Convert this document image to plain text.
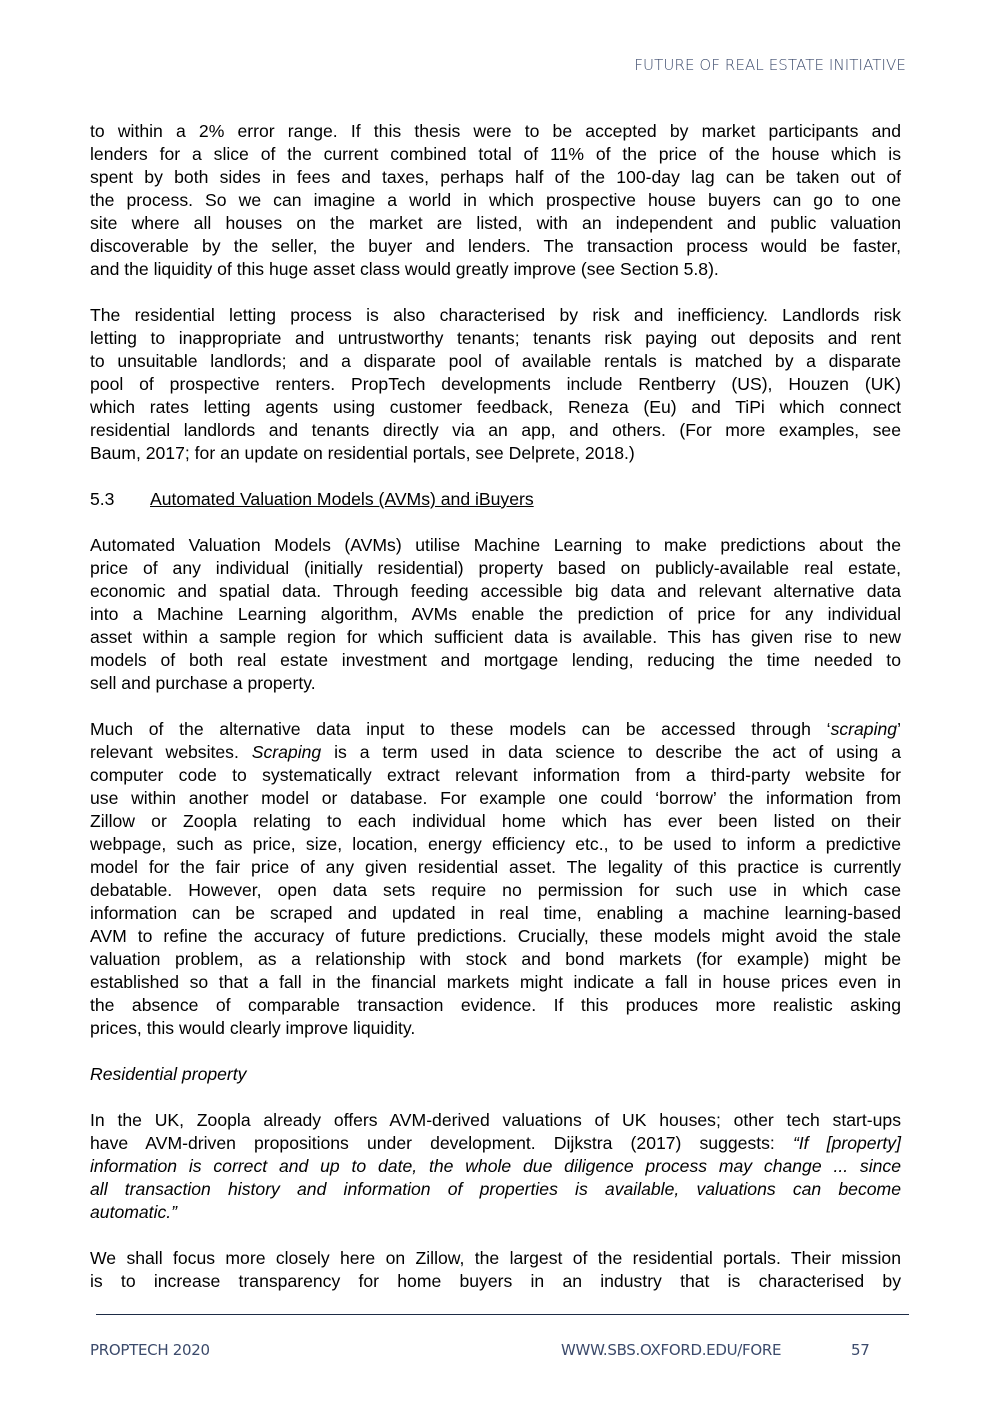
FUTURE OF REAL ESTATE INITIATIVE
to within a 2% error range. If this thesis were to be accepted by market participants and
lenders for a slice of the current combined total of 11% of the price of the house which is
spent by both sides in fees and taxes, perhaps half of the 100-day lag can be taken out of
the process. So we can imagine a world in which prospective house buyers can go to one
site where all houses on the market are listed, with an independent and public valuation
discoverable by the seller, the buyer and lenders. The transaction process would be faster,
and the liquidity of this huge asset class would greatly improve (see Section 5.8).
The residential letting process is also characterised by risk and inefficiency. Landlords risk
letting to inappropriate and untrustworthy tenants; tenants risk paying out deposits and rent
to unsuitable landlords; and a disparate pool of available rentals is matched by a disparate
pool of prospective renters. PropTech developments include Rentberry (US), Houzen (UK)
which rates letting agents using customer feedback, Reneza (Eu) and TiPi which connect
residential landlords and tenants directly via an app, and others. (For more examples, see
Baum, 2017; for an update on residential portals, see Delprete, 2018.)
5.3 Automated Valuation Models (AVMs) and iBuyers
Automated Valuation Models (AVMs) utilise Machine Learning to make predictions about the
price of any individual (initially residential) property based on publicly-available real estate,
economic and spatial data. Through feeding accessible big data and relevant alternative data
into a Machine Learning algorithm, AVMs enable the prediction of price for any individual
asset within a sample region for which sufficient data is available. This has given rise to new
models of both real estate investment and mortgage lending, reducing the time needed to
sell and purchase a property.
Much of the alternative data input to these models can be accessed through ‘scraping’
relevant websites. Scraping is a term used in data science to describe the act of using a
computer code to systematically extract relevant information from a third-party website for
use within another model or database. For example one could ‘borrow’ the information from
Zillow or Zoopla relating to each individual home which has ever been listed on their
webpage, such as price, size, location, energy efficiency etc., to be used to inform a predictive
model for the fair price of any given residential asset. The legality of this practice is currently
debatable. However, open data sets require no permission for such use in which case
information can be scraped and updated in real time, enabling a machine learning-based
AVM to refine the accuracy of future predictions. Crucially, these models might avoid the stale
valuation problem, as a relationship with stock and bond markets (for example) might be
established so that a fall in the financial markets might indicate a fall in house prices even in
the absence of comparable transaction evidence. If this produces more realistic asking
prices, this would clearly improve liquidity.
Residential property
In the UK, Zoopla already offers AVM-derived valuations of UK houses; other tech start-ups
have AVM-driven propositions under development. Dijkstra (2017) suggests: “If [property]
information is correct and up to date, the whole due diligence process may change ... since
all transaction history and information of properties is available, valuations can become
automatic.”
We shall focus more closely here on Zillow, the largest of the residential portals. Their mission
is to increase transparency for home buyers in an industry that is characterised by
PROPTECH 2020	WWW.SBS.OXFORD.EDU/FORE	57
